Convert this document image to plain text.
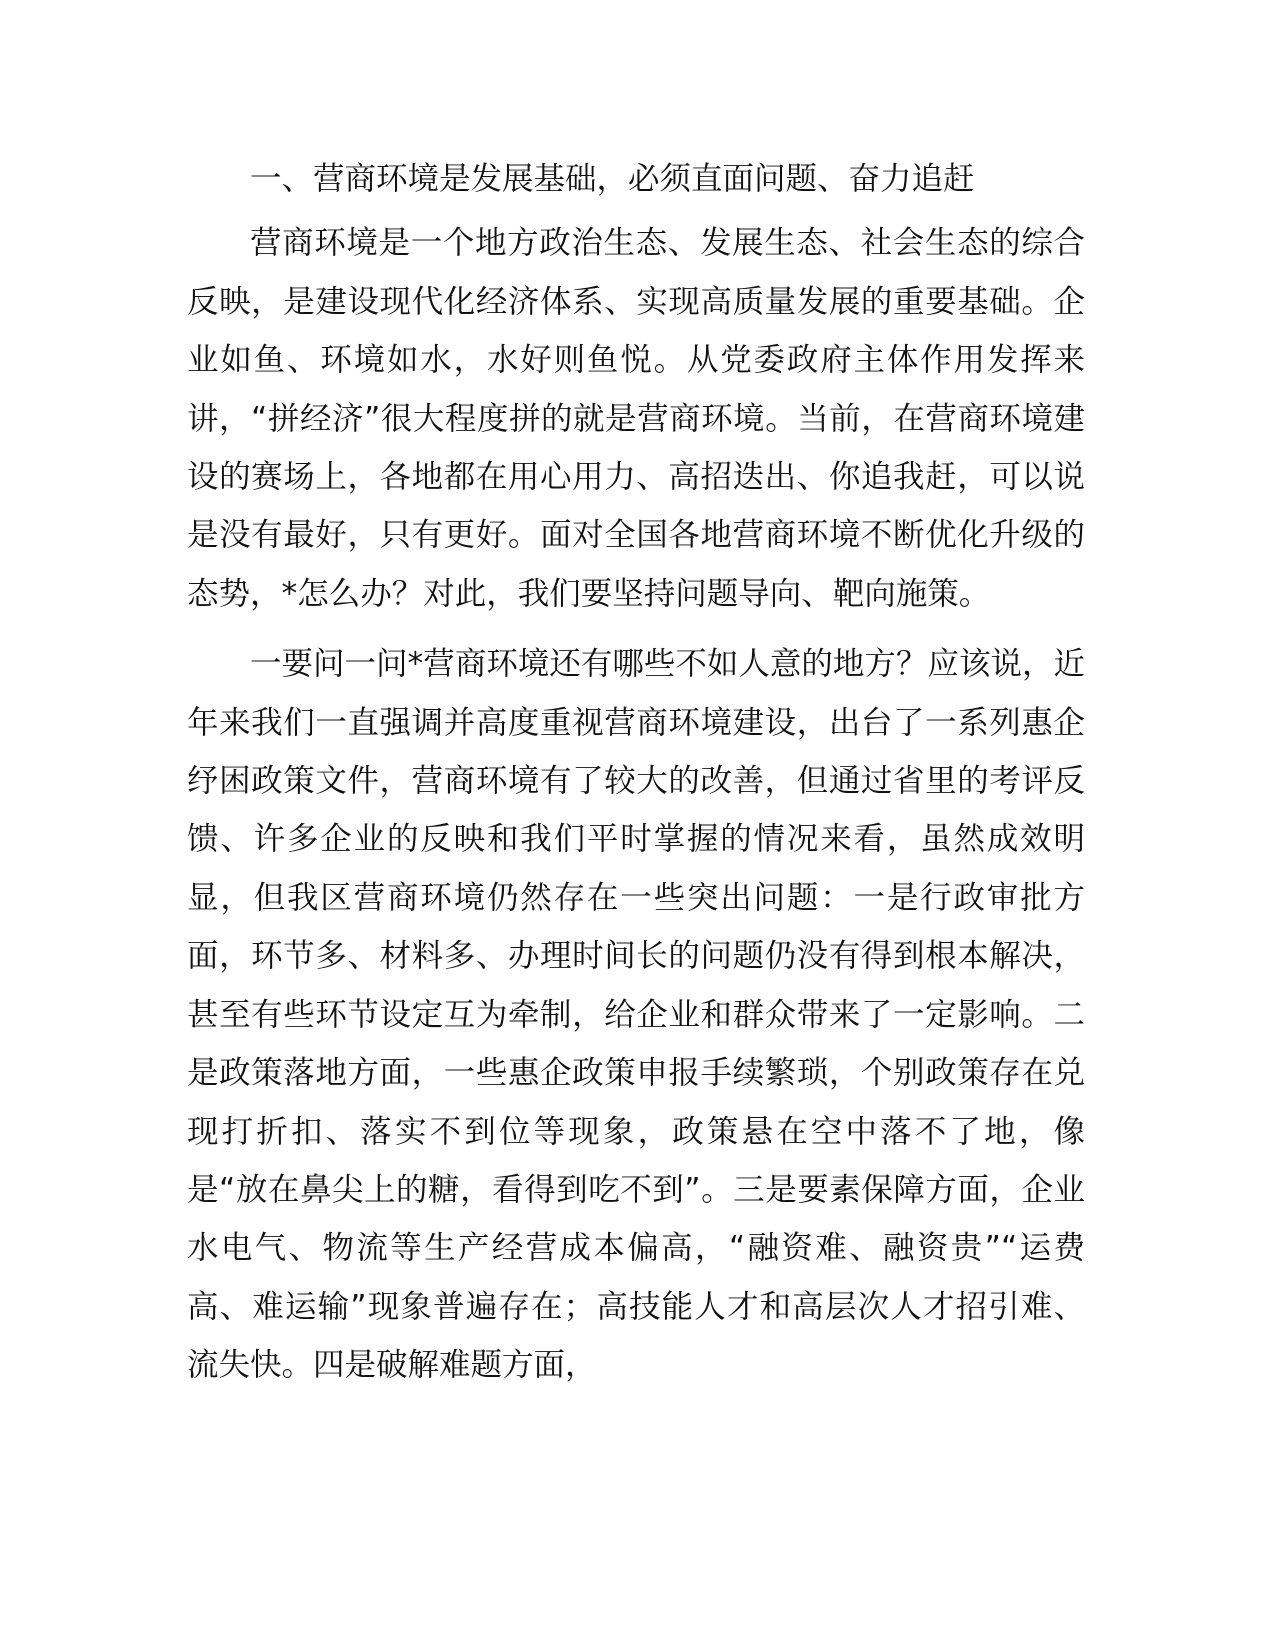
一、营商环境是发展基础，必须直面问题、奋力追赶

营商环境是一个地方政治生态、发展生态、社会生态的综合反映，是建设现代化经济体系、实现高质量发展的重要基础。企业如鱼、环境如水，水好则鱼悦。从党委政府主体作用发挥来讲，“拼经济”很大程度拼的就是营商环境。当前，在营商环境建设的赛场上，各地都在用心用力、高招迭出、你追我赶，可以说是没有最好，只有更好。面对全国各地营商环境不断优化升级的态势，*怎么办？对此，我们要坚持问题导向、靶向施策。

一要问一问*营商环境还有哪些不如人意的地方？应该说，近年来我们一直强调并高度重视营商环境建设，出台了一系列惠企纾困政策文件，营商环境有了较大的改善，但通过省里的考评反馈、许多企业的反映和我们平时掌握的情况来看，虽然成效明显，但我区营商环境仍然存在一些突出问题：一是行政审批方面，环节多、材料多、办理时间长的问题仍没有得到根本解决，甚至有些环节设定互为牵制，给企业和群众带来了一定影响。二是政策落地方面，一些惠企政策申报手续繁琐，个别政策存在兑现打折扣、落实不到位等现象，政策悬在空中落不了地，像是“放在鼻尖上的糖，看得到吃不到”。三是要素保障方面，企业水电气、物流等生产经营成本偏高，“融资难、融资贵”“运费高、难运输”现象普遍存在；高技能人才和高层次人才招引难、流失快。四是破解难题方面，
